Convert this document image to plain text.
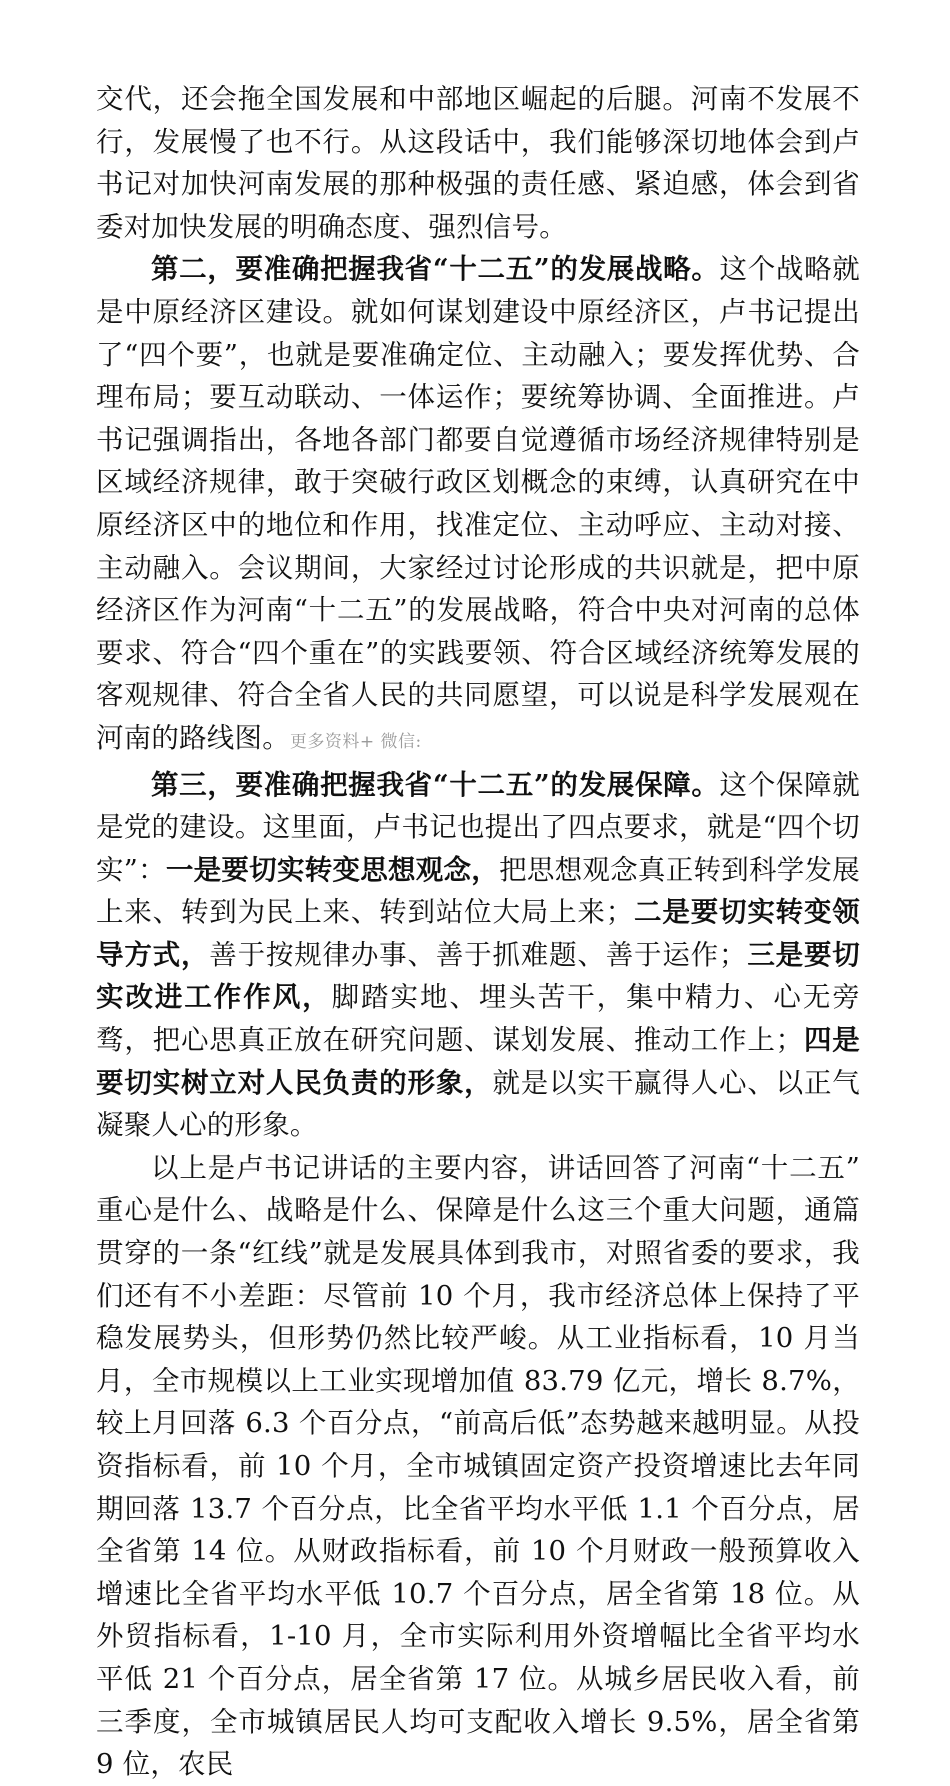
交代，还会拖全国发展和中部地区崛起的后腿。河南不发展不行，发展慢了也不行。从这段话中，我们能够深切地体会到卢书记对加快河南发展的那种极强的责任感、紧迫感，体会到省委对加快发展的明确态度、强烈信号。

第二，要准确把握我省“十二五”的发展战略。这个战略就是中原经济区建设。就如何谋划建设中原经济区，卢书记提出了“四个要”，也就是要准确定位、主动融入；要发挥优势、合理布局；要互动联动、一体运作；要统筹协调、全面推进。卢书记强调指出，各地各部门都要自觉遵循市场经济规律特别是区域经济规律，敢于突破行政区划概念的束缚，认真研究在中原经济区中的地位和作用，找准定位、主动呼应、主动对接、主动融入。会议期间，大家经过讨论形成的共识就是，把中原经济区作为河南“十二五”的发展战略，符合中央对河南的总体要求、符合“四个重在”的实践要领、符合区域经济统筹发展的客观规律、符合全省人民的共同愿望，可以说是科学发展观在河南的路线图。更多资料+ 微信:

第三，要准确把握我省“十二五”的发展保障。这个保障就是党的建设。这里面，卢书记也提出了四点要求，就是“四个切实”：一是要切实转变思想观念，把思想观念真正转到科学发展上来、转到为民上来、转到站位大局上来；二是要切实转变领导方式，善于按规律办事、善于抓难题、善于运作；三是要切实改进工作作风，脚踏实地、埋头苦干，集中精力、心无旁骛，把心思真正放在研究问题、谋划发展、推动工作上；四是要切实树立对人民负责的形象，就是以实干赢得人心、以正气凝聚人心的形象。

以上是卢书记讲话的主要内容，讲话回答了河南“十二五”重心是什么、战略是什么、保障是什么这三个重大问题，通篇贯穿的一条“红线”就是发展具体到我市，对照省委的要求，我们还有不小差距：尽管前 10 个月，我市经济总体上保持了平稳发展势头，但形势仍然比较严峻。从工业指标看，10 月当月，全市规模以上工业实现增加值 83.79 亿元，增长 8.7%，较上月回落 6.3 个百分点，“前高后低”态势越来越明显。从投资指标看，前 10 个月，全市城镇固定资产投资增速比去年同期回落 13.7 个百分点，比全省平均水平低 1.1 个百分点，居全省第 14 位。从财政指标看，前 10 个月财政一般预算收入增速比全省平均水平低 10.7 个百分点，居全省第 18 位。从外贸指标看，1-10 月，全市实际利用外资增幅比全省平均水平低 21 个百分点，居全省第 17 位。从城乡居民收入看，前三季度，全市城镇居民人均可支配收入增长 9.5%，居全省第 9 位，农民
